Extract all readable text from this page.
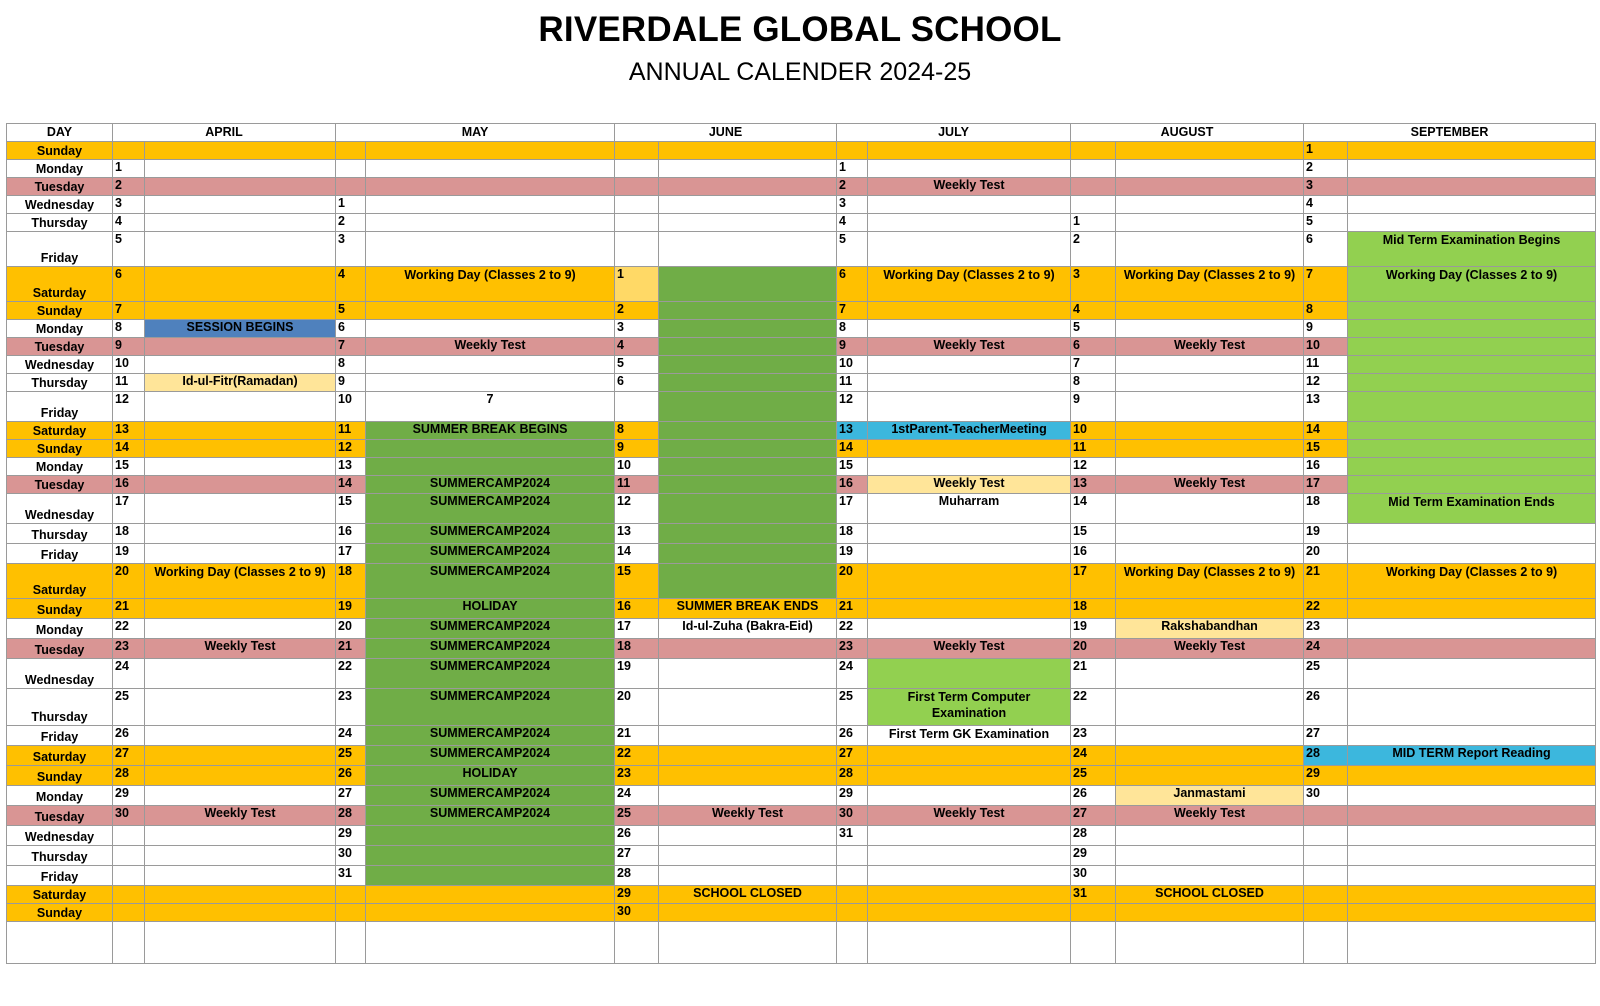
RIVERDALE GLOBAL SCHOOL
ANNUAL CALENDER 2024-25
DAY	APRIL		MAY		JUNE		JULY		AUGUST		SEPTEMBER	
Sunday											1	
Monday	1						1				2	
Tuesday	2						2	Weekly Test			3	
Wednesday	3		1				3				4	
Thursday	4		2				4		1		5	
Friday	5		3				5		2		6	Mid Term Examination Begins
Saturday	6		4	Working Day (Classes 2 to 9)	1		6	Working Day (Classes 2 to 9)	3	Working Day (Classes 2 to 9)	7	Working Day (Classes 2 to 9)
Sunday	7		5		2		7		4		8	
Monday	8	SESSION BEGINS	6		3		8		5		9	
Tuesday	9		7	Weekly Test	4		9	Weekly Test	6	Weekly Test	10	
Wednesday	10		8		5		10		7		11	
Thursday	11	Id-ul-Fitr(Ramadan)	9		6		11		8		12	
Friday	12		10	7			12		9		13	
Saturday	13		11	SUMMER BREAK BEGINS	8		13	1stParent-TeacherMeeting	10		14	
Sunday	14		12		9		14		11		15	
Monday	15		13		10		15		12		16	
Tuesday	16		14	SUMMERCAMP2024	11		16	Weekly Test	13	Weekly Test	17	
Wednesday	17		15	SUMMERCAMP2024	12		17	Muharram	14		18	Mid Term Examination Ends
Thursday	18		16	SUMMERCAMP2024	13		18		15		19	
Friday	19		17	SUMMERCAMP2024	14		19		16		20	
Saturday	20	Working Day (Classes 2 to 9)	18	SUMMERCAMP2024	15		20		17	Working Day (Classes 2 to 9)	21	Working Day (Classes 2 to 9)
Sunday	21		19	HOLIDAY	16	SUMMER BREAK ENDS	21		18		22	
Monday	22		20	SUMMERCAMP2024	17	Id-ul-Zuha (Bakra-Eid)	22		19	Rakshabandhan	23	
Tuesday	23	Weekly Test	21	SUMMERCAMP2024	18		23	Weekly Test	20	Weekly Test	24	
Wednesday	24		22	SUMMERCAMP2024	19		24		21		25	
Thursday	25		23	SUMMERCAMP2024	20		25	First Term Computer Examination	22		26	
Friday	26		24	SUMMERCAMP2024	21		26	First Term GK Examination	23		27	
Saturday	27		25	SUMMERCAMP2024	22		27		24		28	MID TERM Report Reading
Sunday	28		26	HOLIDAY	23		28		25		29	
Monday	29		27	SUMMERCAMP2024	24		29		26	Janmastami	30	
Tuesday	30	Weekly Test	28	SUMMERCAMP2024	25	Weekly Test	30	Weekly Test	27	Weekly Test		
Wednesday			29		26		31		28			
Thursday			30		27				29			
Friday			31		28				30			
Saturday					29	SCHOOL CLOSED			31	SCHOOL CLOSED		
Sunday					30							
